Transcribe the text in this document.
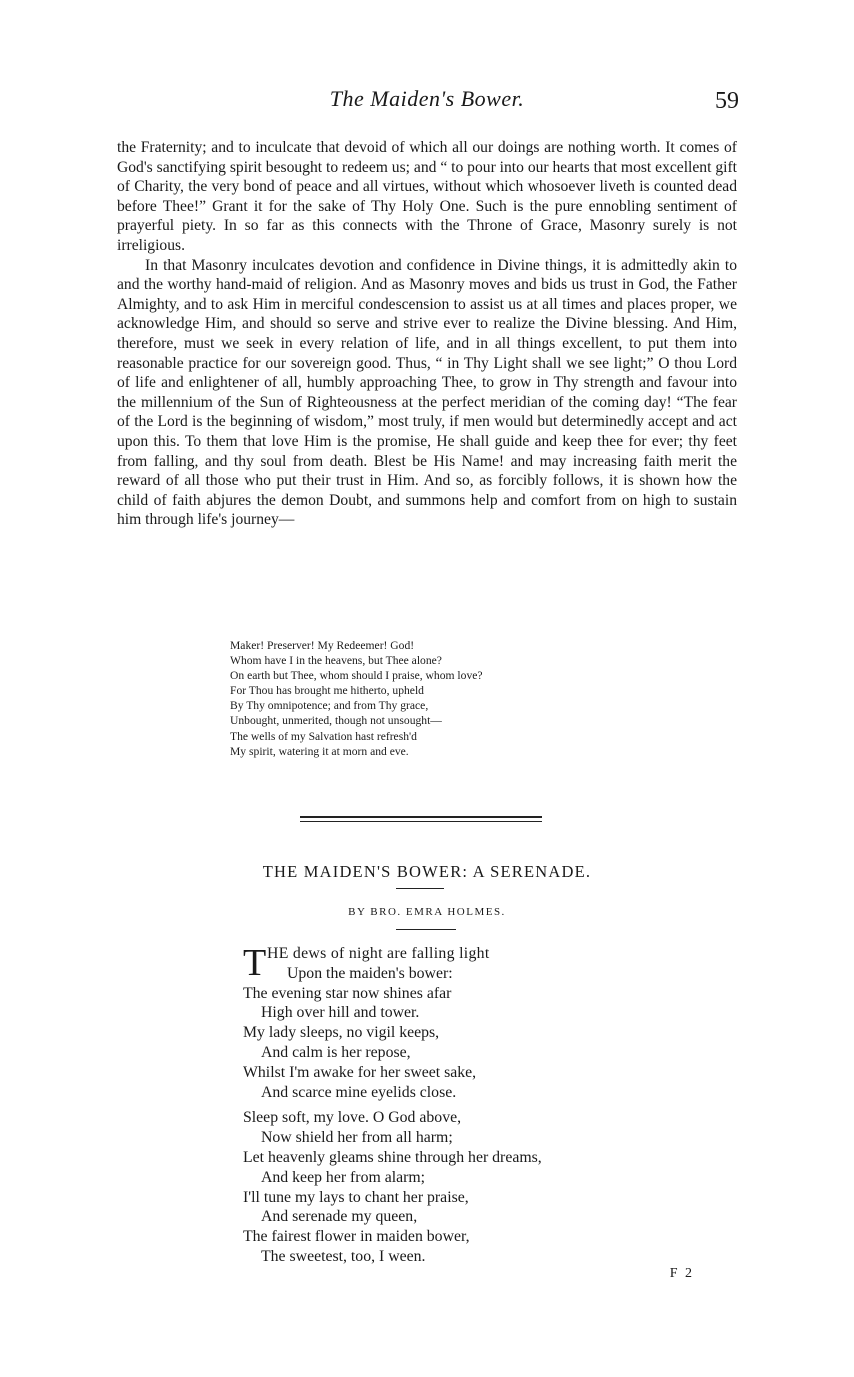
The Maiden's Bower.	59

the Fraternity; and to inculcate that devoid of which all our doings are nothing worth. It comes of God's sanctifying spirit besought to redeem us; and “ to pour into our hearts that most excellent gift of Charity, the very bond of peace and all virtues, without which whosoever liveth is counted dead before Thee!” Grant it for the sake of Thy Holy One. Such is the pure ennobling sentiment of prayerful piety. In so far as this connects with the Throne of Grace, Masonry surely is not irreligious.

In that Masonry inculcates devotion and confidence in Divine things, it is admittedly akin to and the worthy hand-maid of religion. And as Masonry moves and bids us trust in God, the Father Almighty, and to ask Him in merciful condescension to assist us at all times and places proper, we acknowledge Him, and should so serve and strive ever to realize the Divine blessing. And Him, therefore, must we seek in every relation of life, and in all things excellent, to put them into reasonable practice for our sovereign good. Thus, “ in Thy Light shall we see light;” O thou Lord of life and enlightener of all, humbly approaching Thee, to grow in Thy strength and favour into the millennium of the Sun of Righteousness at the perfect meridian of the coming day! “The fear of the Lord is the beginning of wisdom,” most truly, if men would but determinedly accept and act upon this. To them that love Him is the promise, He shall guide and keep thee for ever; thy feet from falling, and thy soul from death. Blest be His Name! and may increasing faith merit the reward of all those who put their trust in Him. And so, as forcibly follows, it is shown how the child of faith abjures the demon Doubt, and summons help and comfort from on high to sustain him through life's journey—

Maker! Preserver! My Redeemer! God!
Whom have I in the heavens, but Thee alone?
On earth but Thee, whom should I praise, whom love?
For Thou has brought me hitherto, upheld
By Thy omnipotence; and from Thy grace,
Unbought, unmerited, though not unsought—
The wells of my Salvation hast refresh'd
My spirit, watering it at morn and eve.
THE MAIDEN'S BOWER: A SERENADE.
BY BRO. EMRA HOLMES.
T HE dews of night are falling light
Upon the maiden's bower:
The evening star now shines afar
High over hill and tower.
My lady sleeps, no vigil keeps,
And calm is her repose,
Whilst I'm awake for her sweet sake,
And scarce mine eyelids close.
Sleep soft, my love. O God above,
Now shield her from all harm;
Let heavenly gleams shine through her dreams,
And keep her from alarm;
I'll tune my lays to chant her praise,
And serenade my queen,
The fairest flower in maiden bower,
The sweetest, too, I ween.
F 2
